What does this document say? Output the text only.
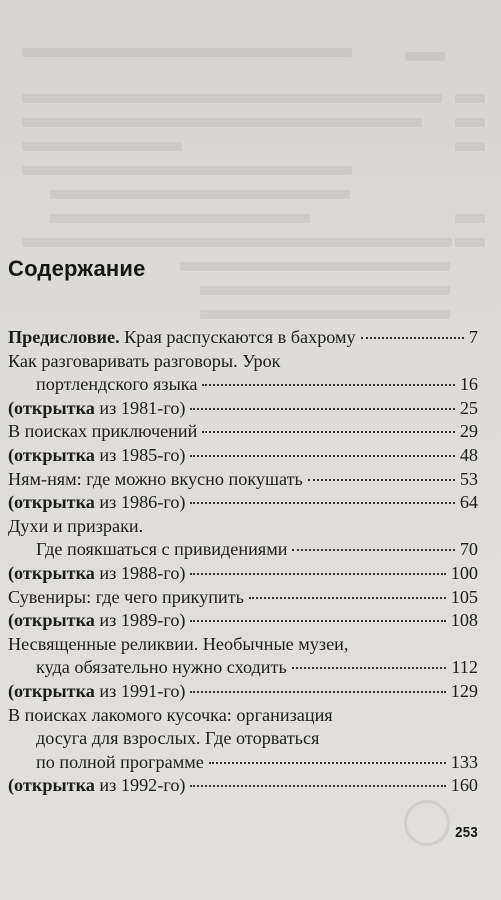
Содержание
Предисловие. Края распускаются в бахрому	7
Как разговаривать разговоры. Урок
портлендского языка	16
(открытка из 1981-го)	25
В поисках приключений	29
(открытка из 1985-го)	48
Ням-ням: где можно вкусно покушать	53
(открытка из 1986-го)	64
Духи и призраки.
Где поякшаться с привидениями	70
(открытка из 1988-го)	100
Сувениры: где чего прикупить	105
(открытка из 1989-го)	108
Несвященные реликвии. Необычные музеи,
куда обязательно нужно сходить	112
(открытка из 1991-го)	129
В поисках лакомого кусочка: организация
досуга для взрослых. Где оторваться
по полной программе	133
(открытка из 1992-го)	160
253
